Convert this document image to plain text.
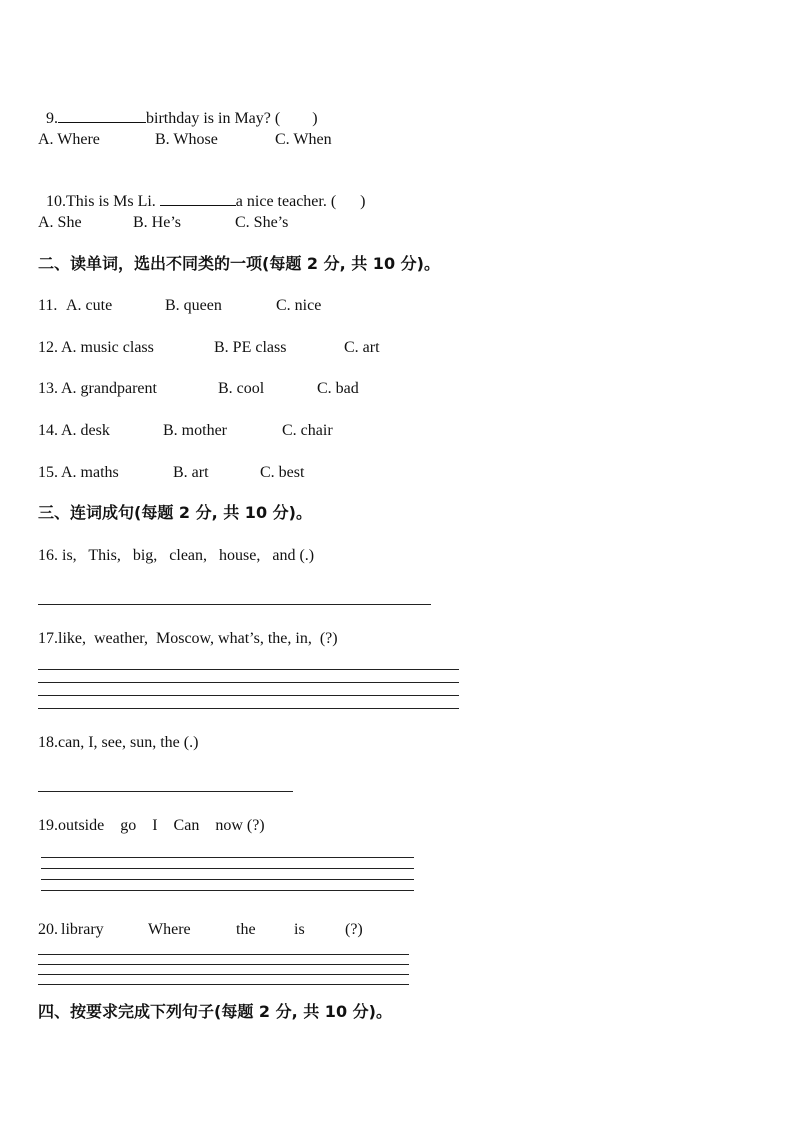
9.	birthday is in May? (        )

A. Where	B. Whose	C. When

10.This is Ms Li.	a nice teacher. (      )

A. She	B. He’s	C. She’s
二、读单词，选出不同类的一项(每题 2 分, 共 10 分)。
11. A. cute	B. queen	C. nice
12. A. music class	B. PE class	C. art
13. A. grandparent	B. cool	C. bad
14. A. desk	B. mother	C. chair
15. A. maths	B. art	C. best
三、连词成句(每题 2 分, 共 10 分)。
16. is,   This,   big,   clean,   house,   and (.)
17.like,  weather,  Moscow, what’s, the, in,  (?)
18.can, I, see, sun, the (.)
19.outside    go    I    Can    now (?)
20. library	Where	the is	(?)
四、按要求完成下列句子(每题 2 分, 共 10 分)。
